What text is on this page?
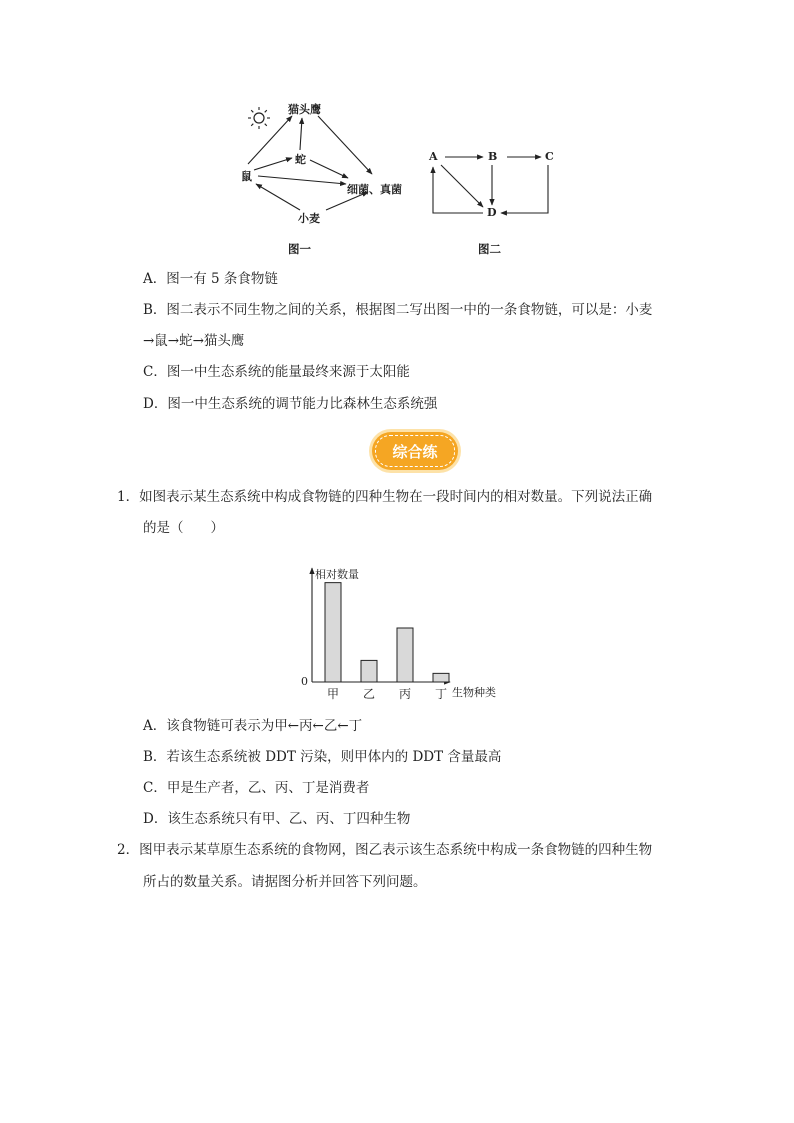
猫头鹰
蛇
鼠
细菌、真菌
小麦
图一
A	B	C
D
图二
A．图一有 5 条食物链
B．图二表示不同生物之间的关系，根据图二写出图一中的一条食物链，可以是：小麦
→鼠→蛇→猫头鹰
C．图一中生态系统的能量最终来源于太阳能
D．图一中生态系统的调节能力比森林生态系统强
综合练
1．如图表示某生态系统中构成食物链的四种生物在一段时间内的相对数量。下列说法正确
的是（　　）
相对数量
0
生物种类
甲 乙 丙 丁
A．该食物链可表示为甲←丙←乙←丁
B．若该生态系统被 DDT 污染，则甲体内的 DDT 含量最高
C．甲是生产者，乙、丙、丁是消费者
D．该生态系统只有甲、乙、丙、丁四种生物
2．图甲表示某草原生态系统的食物网，图乙表示该生态系统中构成一条食物链的四种生物
所占的数量关系。请据图分析并回答下列问题。
